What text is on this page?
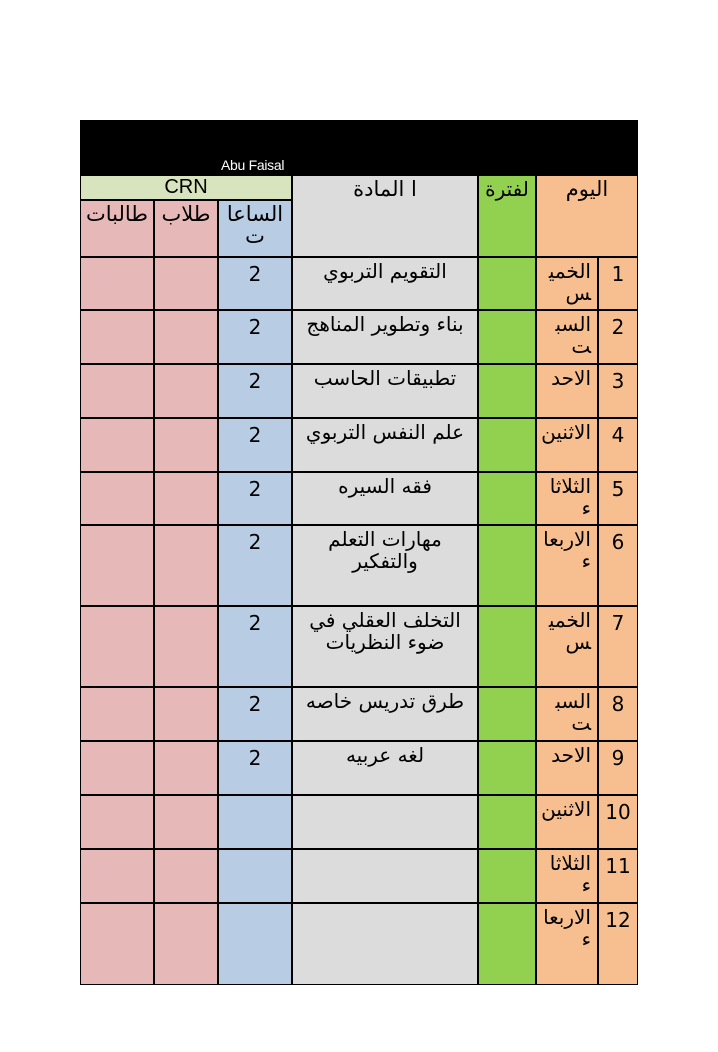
Abu Faisal
اليوم
لفترة
ا المادة
CRN
الساعات
طلاب
طالبات
1
الخميس
التقويم التربوي
2
2
السبت
بناء وتطوير المناهج
2
3
الاحد
تطبيقات الحاسب
2
4
الاثنين
علم النفس التربوي
2
5
الثلاثاء
فقه السيره
2
6
الاربعاء
مهارات التعلم والتفكير
2
7
الخميس
التخلف العقلي في ضوء النظريات
2
8
السبت
طرق تدريس خاصه
2
9
الاحد
لغه عربيه
2
10
الاثنين
11
الثلاثاء
12
الاربعاء
